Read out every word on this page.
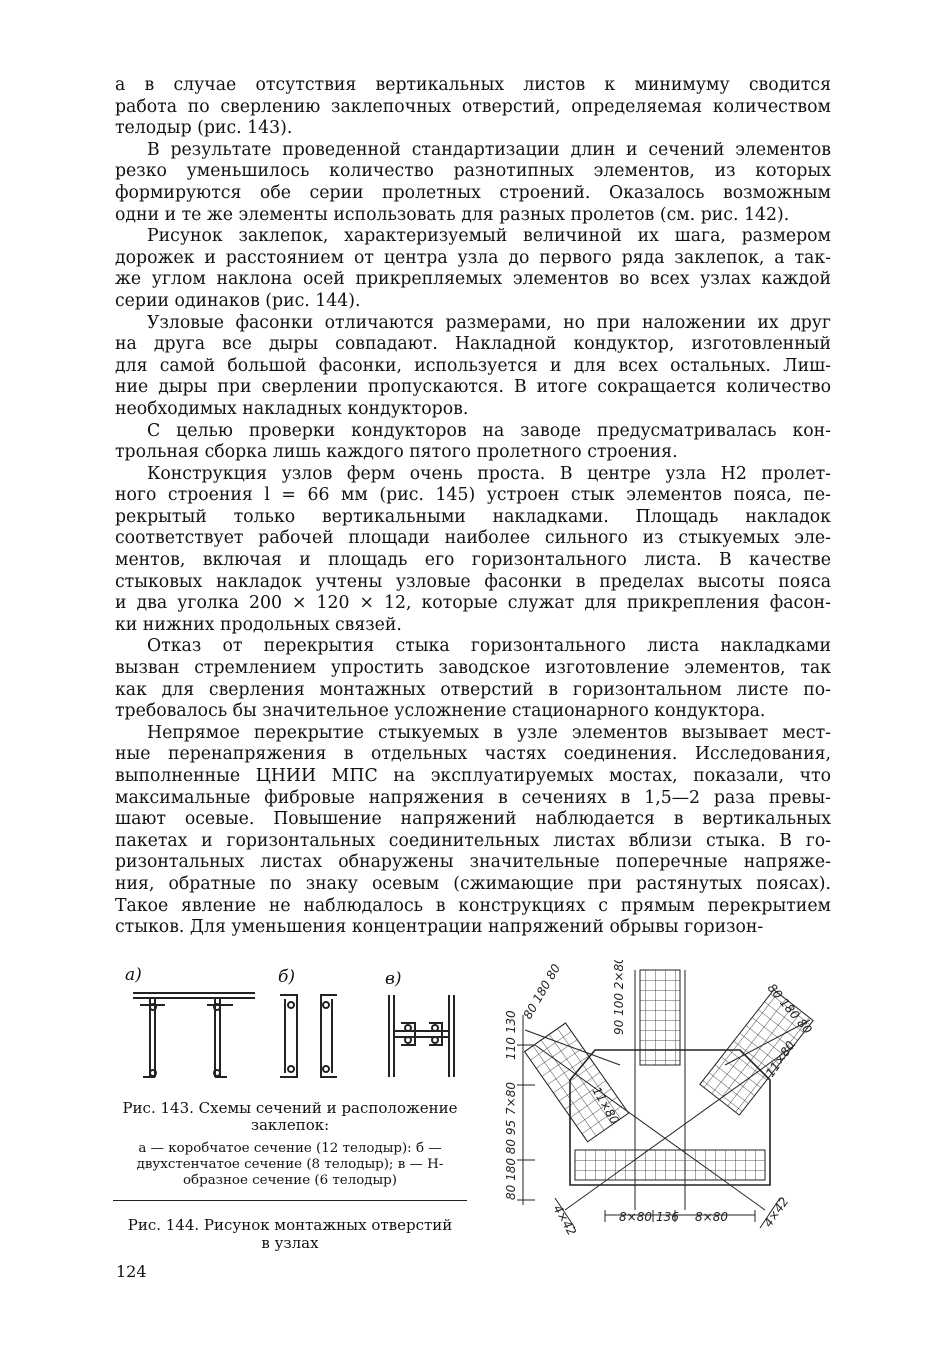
а в случае отсутствия вертикальных листов к минимуму сводится
работа по сверлению заклепочных отверстий, определяемая количеством
телодыр (рис. 143).

В результате проведенной стандартизации длин и сечений элементов
резко уменьшилось количество разнотипных элементов, из которых
формируются обе серии пролетных строений. Оказалось возможным
одни и те же элементы использовать для разных пролетов (см. рис. 142).

Рисунок заклепок, характеризуемый величиной их шага, размером
дорожек и расстоянием от центра узла до первого ряда заклепок, а так-
же углом наклона осей прикрепляемых элементов во всех узлах каждой
серии одинаков (рис. 144).

Узловые фасонки отличаются размерами, но при наложении их друг
на друга все дыры совпадают. Накладной кондуктор, изготовленный
для самой большой фасонки, используется и для всех остальных. Лиш-
ние дыры при сверлении пропускаются. В итоге сокращается количество
необходимых накладных кондукторов.

С целью проверки кондукторов на заводе предусматривалась кон-
трольная сборка лишь каждого пятого пролетного строения.

Конструкция узлов ферм очень проста. В центре узла H2 пролет-
ного строения l = 66 мм (рис. 145) устроен стык элементов пояса, пе-
рекрытый только вертикальными накладками. Площадь накладок
соответствует рабочей площади наиболее сильного из стыкуемых эле-
ментов, включая и площадь его горизонтального листа. В качестве
стыковых накладок учтены узловые фасонки в пределах высоты пояса
и два уголка 200 × 120 × 12, которые служат для прикрепления фасон-
ки нижних продольных связей.

Отказ от перекрытия стыка горизонтального листа накладками
вызван стремлением упростить заводское изготовление элементов, так
как для сверления монтажных отверстий в горизонтальном листе по-
требовалось бы значительное усложнение стационарного кондуктора.

Непрямое перекрытие стыкуемых в узле элементов вызывает мест-
ные перенапряжения в отдельных частях соединения. Исследования,
выполненные ЦНИИ МПС на эксплуатируемых мостах, показали, что
максимальные фибровые напряжения в сечениях в 1,5—2 раза превы-
шают осевые. Повышение напряжений наблюдается в вертикальных
пакетах и горизонтальных соединительных листах вблизи стыка. В го-
ризонтальных листах обнаружены значительные поперечные напряже-
ния, обратные по знаку осевым (сжимающие при растянутых поясах).
Такое явление не наблюдалось в конструкциях с прямым перекрытием
стыков. Для уменьшения концентрации напряжений обрывы горизон-

а)	б)	в)
Рис. 143. Схемы сечений и расположение заклепок:
а — коробчатое сечение (12 телодыр): б —
двухстенчатое сечение (8 телодыр); в — Н-
образное сечение (6 телодыр)
Рис. 144. Рисунок монтажных отверстий
в узлах
80 180 80	80 180 80
90 100 2×80
110 130
7×80
80 180 80 95
11×80
11×80
4×42	4×42
8×80 136 8×80
124
